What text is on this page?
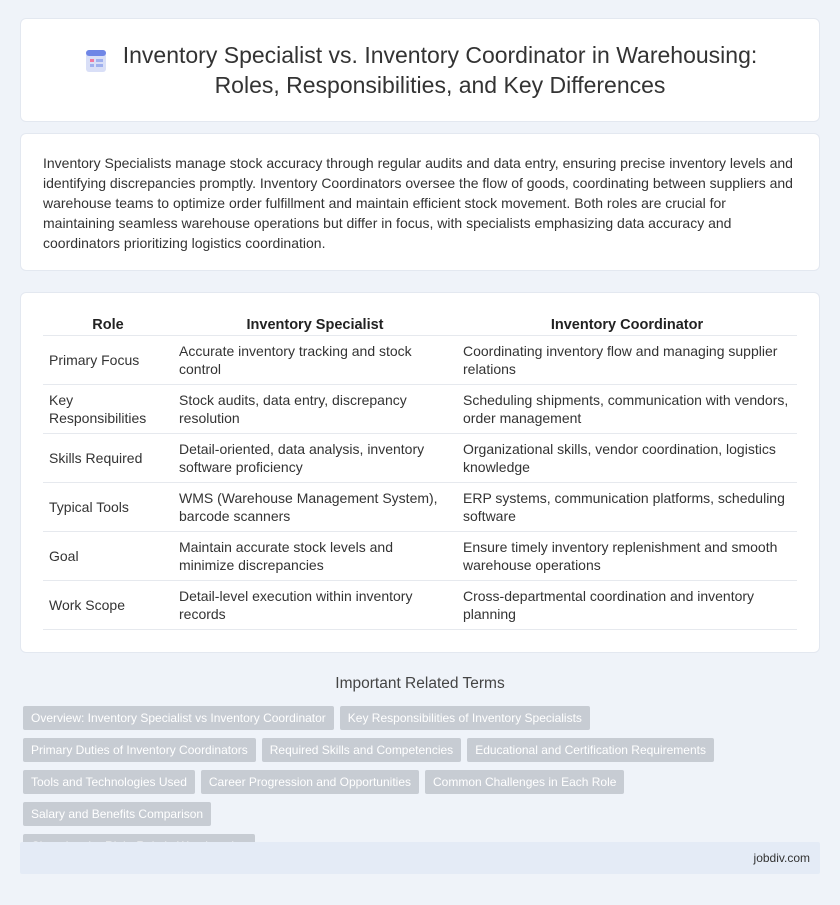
Inventory Specialist vs. Inventory Coordinator in Warehousing:
Roles, Responsibilities, and Key Differences

Inventory Specialists manage stock accuracy through regular audits and data entry, ensuring precise inventory levels and identifying discrepancies promptly. Inventory Coordinators oversee the flow of goods, coordinating between suppliers and warehouse teams to optimize order fulfillment and maintain efficient stock movement. Both roles are crucial for maintaining seamless warehouse operations but differ in focus, with specialists emphasizing data accuracy and coordinators prioritizing logistics coordination.

Role	Inventory Specialist	Inventory Coordinator
Primary Focus	Accurate inventory tracking and stock control	Coordinating inventory flow and managing supplier relations
Key Responsibilities	Stock audits, data entry, discrepancy resolution	Scheduling shipments, communication with vendors, order management
Skills Required	Detail-oriented, data analysis, inventory software proficiency	Organizational skills, vendor coordination, logistics knowledge
Typical Tools	WMS (Warehouse Management System), barcode scanners	ERP systems, communication platforms, scheduling software
Goal	Maintain accurate stock levels and minimize discrepancies	Ensure timely inventory replenishment and smooth warehouse operations
Work Scope	Detail-level execution within inventory records	Cross-departmental coordination and inventory planning
Important Related Terms
Overview: Inventory Specialist vs Inventory Coordinator Key Responsibilities of Inventory Specialists
Primary Duties of Inventory Coordinators Required Skills and Competencies Educational and Certification Requirements
Tools and Technologies Used Career Progression and Opportunities Common Challenges in Each RoleSalary and Benefits Comparison

jobdiv.com
